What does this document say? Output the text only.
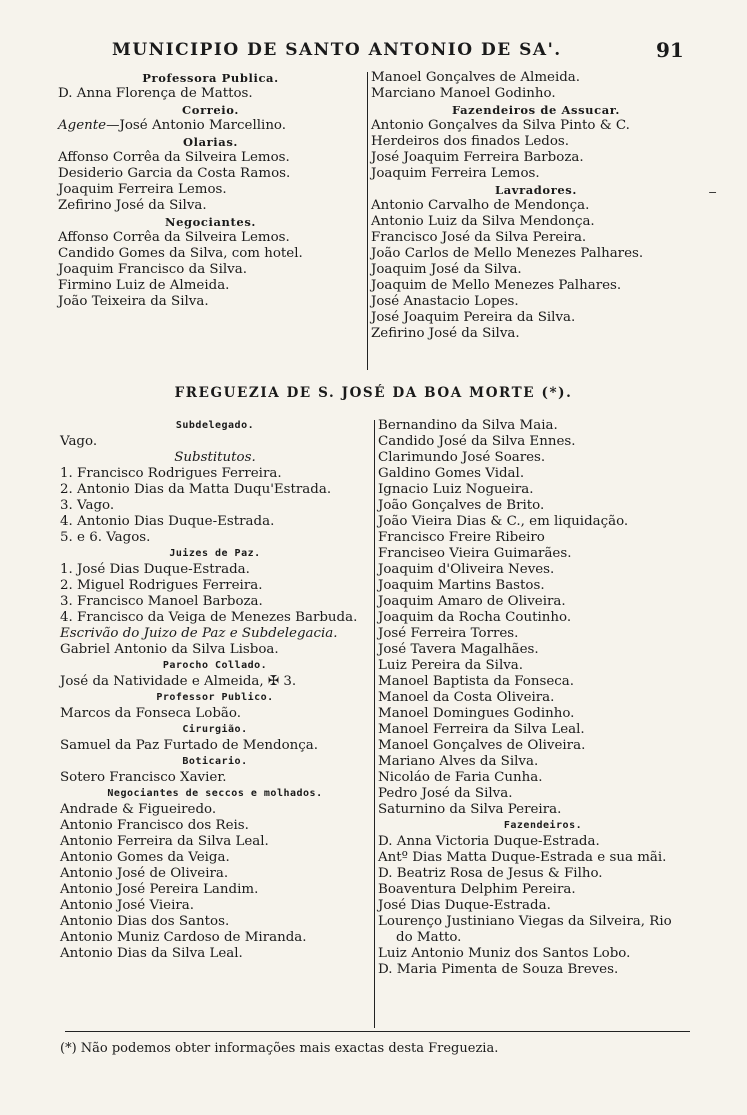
MUNICIPIO DE SANTO ANTONIO DE SA'.	91
Professora Publica.
D. Anna Florença de Mattos.
Correio.
Agente—José Antonio Marcellino.
Olarias.
Affonso Corrêa da Silveira Lemos.
Desiderio Garcia da Costa Ramos.
Joaquim Ferreira Lemos.
Zefirino José da Silva.
Negociantes.
Affonso Corrêa da Silveira Lemos.
Candido Gomes da Silva, com hotel.
Joaquim Francisco da Silva.
Firmino Luiz de Almeida.
João Teixeira da Silva.
Manoel Gonçalves de Almeida.
Marciano Manoel Godinho.
Fazendeiros de Assucar.
Antonio Gonçalves da Silva Pinto & C.
Herdeiros dos finados Ledos.
José Joaquim Ferreira Barboza.
Joaquim Ferreira Lemos.
Lavradores.
Antonio Carvalho de Mendonça.
Antonio Luiz da Silva Mendonça.
Francisco José da Silva Pereira.
João Carlos de Mello Menezes Palhares.
Joaquim José da Silva.
Joaquim de Mello Menezes Palhares.
José Anastacio Lopes.
José Joaquim Pereira da Silva.
Zefirino José da Silva.
FREGUEZIA DE S. JOSÉ DA BOA MORTE (*).
Subdelegado.
Vago.
Substitutos.
1. Francisco Rodrigues Ferreira.
2. Antonio Dias da Matta Duqu'Estrada.
3. Vago.
4. Antonio Dias Duque-Estrada.
5. e 6. Vagos.
Juizes de Paz.
1. José Dias Duque-Estrada.
2. Miguel Rodrigues Ferreira.
3. Francisco Manoel Barboza.
4. Francisco da Veiga de Menezes Barbuda.
Escrivão do Juizo de Paz e Subdelegacia.
Gabriel Antonio da Silva Lisboa.
Parocho Collado.
José da Natividade e Almeida, ✠ 3.
Professor Publico.
Marcos da Fonseca Lobão.
Cirurgião.
Samuel da Paz Furtado de Mendonça.
Boticario.
Sotero Francisco Xavier.
Negociantes de seccos e molhados.
Andrade & Figueiredo.
Antonio Francisco dos Reis.
Antonio Ferreira da Silva Leal.
Antonio Gomes da Veiga.
Antonio José de Oliveira.
Antonio José Pereira Landim.
Antonio José Vieira.
Antonio Dias dos Santos.
Antonio Muniz Cardoso de Miranda.
Antonio Dias da Silva Leal.
Bernandino da Silva Maia.
Candido José da Silva Ennes.
Clarimundo José Soares.
Galdino Gomes Vidal.
Ignacio Luiz Nogueira.
João Gonçalves de Brito.
João Vieira Dias & C., em liquidação.
Francisco Freire Ribeiro
Franciseo Vieira Guimarães.
Joaquim d'Oliveira Neves.
Joaquim Martins Bastos.
Joaquim Amaro de Oliveira.
Joaquim da Rocha Coutinho.
José Ferreira Torres.
José Tavera Magalhães.
Luiz Pereira da Silva.
Manoel Baptista da Fonseca.
Manoel da Costa Oliveira.
Manoel Domingues Godinho.
Manoel Ferreira da Silva Leal.
Manoel Gonçalves de Oliveira.
Mariano Alves da Silva.
Nicoláo de Faria Cunha.
Pedro José da Silva.
Saturnino da Silva Pereira.
Fazendeiros.
D. Anna Victoria Duque-Estrada.
Antº Dias Matta Duque-Estrada e sua mãi.
D. Beatriz Rosa de Jesus & Filho.
Boaventura Delphim Pereira.
José Dias Duque-Estrada.
Lourenço Justiniano Viegas da Silveira, Rio
do Matto.
Luiz Antonio Muniz dos Santos Lobo.
D. Maria Pimenta de Souza Breves.
(*) Não podemos obter informações mais exactas desta Freguezia.
−
